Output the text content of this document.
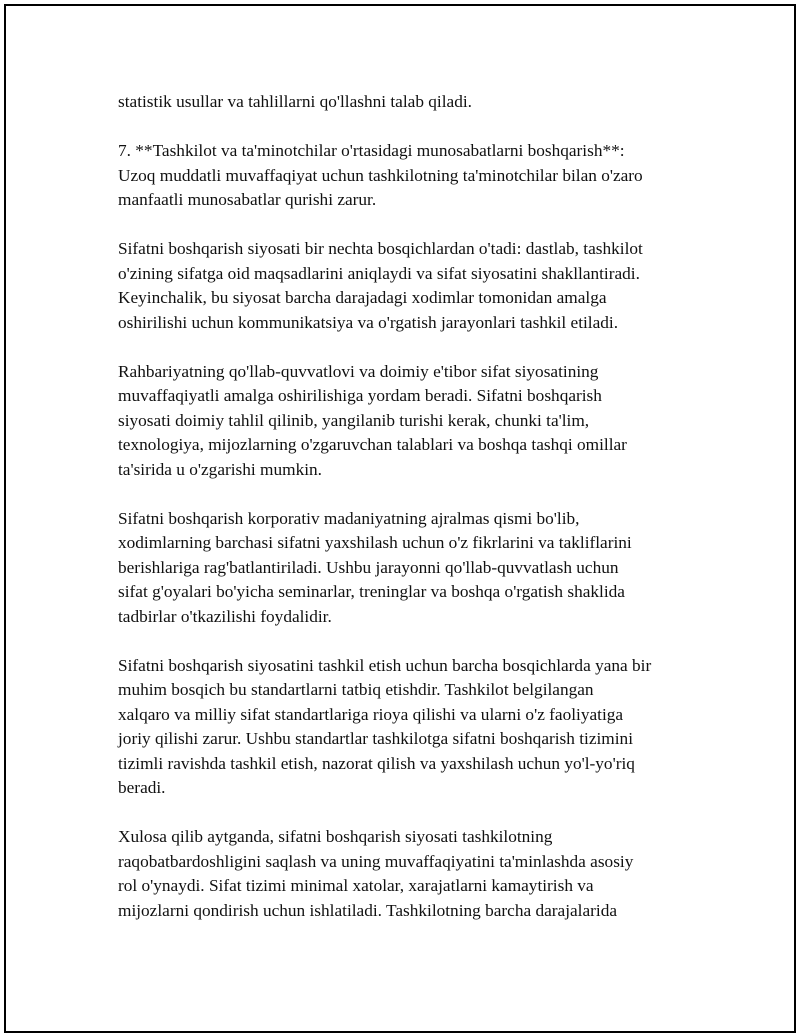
statistik usullar va tahlillarni qo'llashni talab qiladi.

7. **Tashkilot va ta'minotchilar o'rtasidagi munosabatlarni boshqarish**:
Uzoq muddatli muvaffaqiyat uchun tashkilotning ta'minotchilar bilan o'zaro
manfaatli munosabatlar qurishi zarur.

Sifatni boshqarish siyosati bir nechta bosqichlardan o'tadi: dastlab, tashkilot
o'zining sifatga oid maqsadlarini aniqlaydi va sifat siyosatini shakllantiradi.
Keyinchalik, bu siyosat barcha darajadagi xodimlar tomonidan amalga
oshirilishi uchun kommunikatsiya va o'rgatish jarayonlari tashkil etiladi.

Rahbariyatning qo'llab-quvvatlovi va doimiy e'tibor sifat siyosatining
muvaffaqiyatli amalga oshirilishiga yordam beradi. Sifatni boshqarish
siyosati doimiy tahlil qilinib, yangilanib turishi kerak, chunki ta'lim,
texnologiya, mijozlarning o'zgaruvchan talablari va boshqa tashqi omillar
ta'sirida u o'zgarishi mumkin.

Sifatni boshqarish korporativ madaniyatning ajralmas qismi bo'lib,
xodimlarning barchasi sifatni yaxshilash uchun o'z fikrlarini va takliflarini
berishlariga rag'batlantiriladi. Ushbu jarayonni qo'llab-quvvatlash uchun
sifat g'oyalari bo'yicha seminarlar, treninglar va boshqa o'rgatish shaklida
tadbirlar o'tkazilishi foydalidir.

Sifatni boshqarish siyosatini tashkil etish uchun barcha bosqichlarda yana bir
muhim bosqich bu standartlarni tatbiq etishdir. Tashkilot belgilangan
xalqaro va milliy sifat standartlariga rioya qilishi va ularni o'z faoliyatiga
joriy qilishi zarur. Ushbu standartlar tashkilotga sifatni boshqarish tizimini
tizimli ravishda tashkil etish, nazorat qilish va yaxshilash uchun yo'l-yo'riq
beradi.

Xulosa qilib aytganda, sifatni boshqarish siyosati tashkilotning
raqobatbardoshligini saqlash va uning muvaffaqiyatini ta'minlashda asosiy
rol o'ynaydi. Sifat tizimi minimal xatolar, xarajatlarni kamaytirish va
mijozlarni qondirish uchun ishlatiladi. Tashkilotning barcha darajalarida
